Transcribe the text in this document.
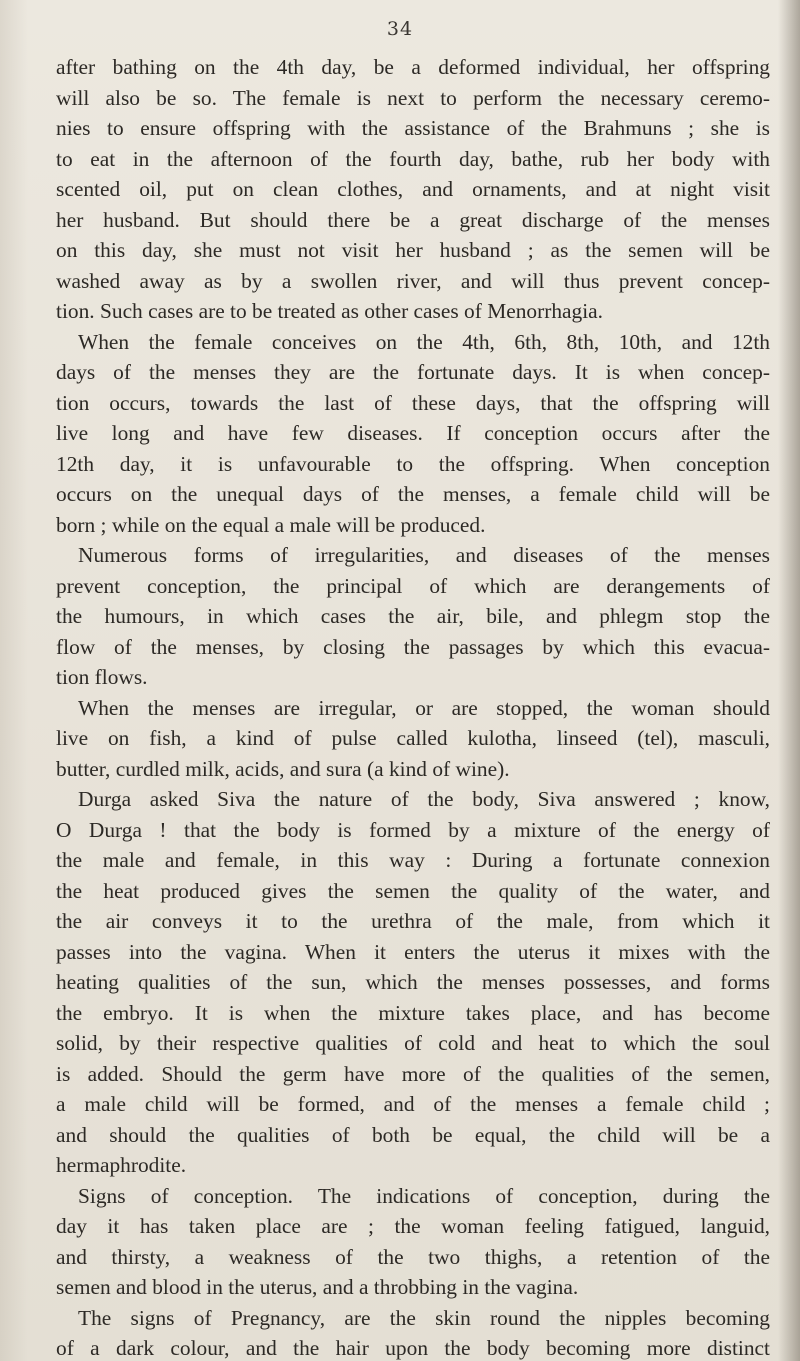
34
after bathing on the 4th day, be a deformed individual, her offspring
will also be so. The female is next to perform the necessary ceremo-
nies to ensure offspring with the assistance of the Brahmuns ; she is
to eat in the afternoon of the fourth day, bathe, rub her body with
scented oil, put on clean clothes, and ornaments, and at night visit
her husband. But should there be a great discharge of the menses
on this day, she must not visit her husband ; as the semen will be
washed away as by a swollen river, and will thus prevent concep-
tion. Such cases are to be treated as other cases of Menorrhagia.
When the female conceives on the 4th, 6th, 8th, 10th, and 12th
days of the menses they are the fortunate days. It is when concep-
tion occurs, towards the last of these days, that the offspring will
live long and have few diseases. If conception occurs after the
12th day, it is unfavourable to the offspring. When conception
occurs on the unequal days of the menses, a female child will be
born ; while on the equal a male will be produced.
Numerous forms of irregularities, and diseases of the menses
prevent conception, the principal of which are derangements of
the humours, in which cases the air, bile, and phlegm stop the
flow of the menses, by closing the passages by which this evacua-
tion flows.
When the menses are irregular, or are stopped, the woman should
live on fish, a kind of pulse called kulotha, linseed (tel), masculi,
butter, curdled milk, acids, and sura (a kind of wine).
Durga asked Siva the nature of the body, Siva answered ; know,
O Durga ! that the body is formed by a mixture of the energy of
the male and female, in this way : During a fortunate connexion
the heat produced gives the semen the quality of the water, and
the air conveys it to the urethra of the male, from which it
passes into the vagina. When it enters the uterus it mixes with the
heating qualities of the sun, which the menses possesses, and forms
the embryo. It is when the mixture takes place, and has become
solid, by their respective qualities of cold and heat to which the soul
is added. Should the germ have more of the qualities of the semen,
a male child will be formed, and of the menses a female child ;
and should the qualities of both be equal, the child will be a
hermaphrodite.
Signs of conception. The indications of conception, during the
day it has taken place are ; the woman feeling fatigued, languid,
and thirsty, a weakness of the two thighs, a retention of the
semen and blood in the uterus, and a throbbing in the vagina.
The signs of Pregnancy, are the skin round the nipples becoming
of a dark colour, and the hair upon the body becoming more distinct
